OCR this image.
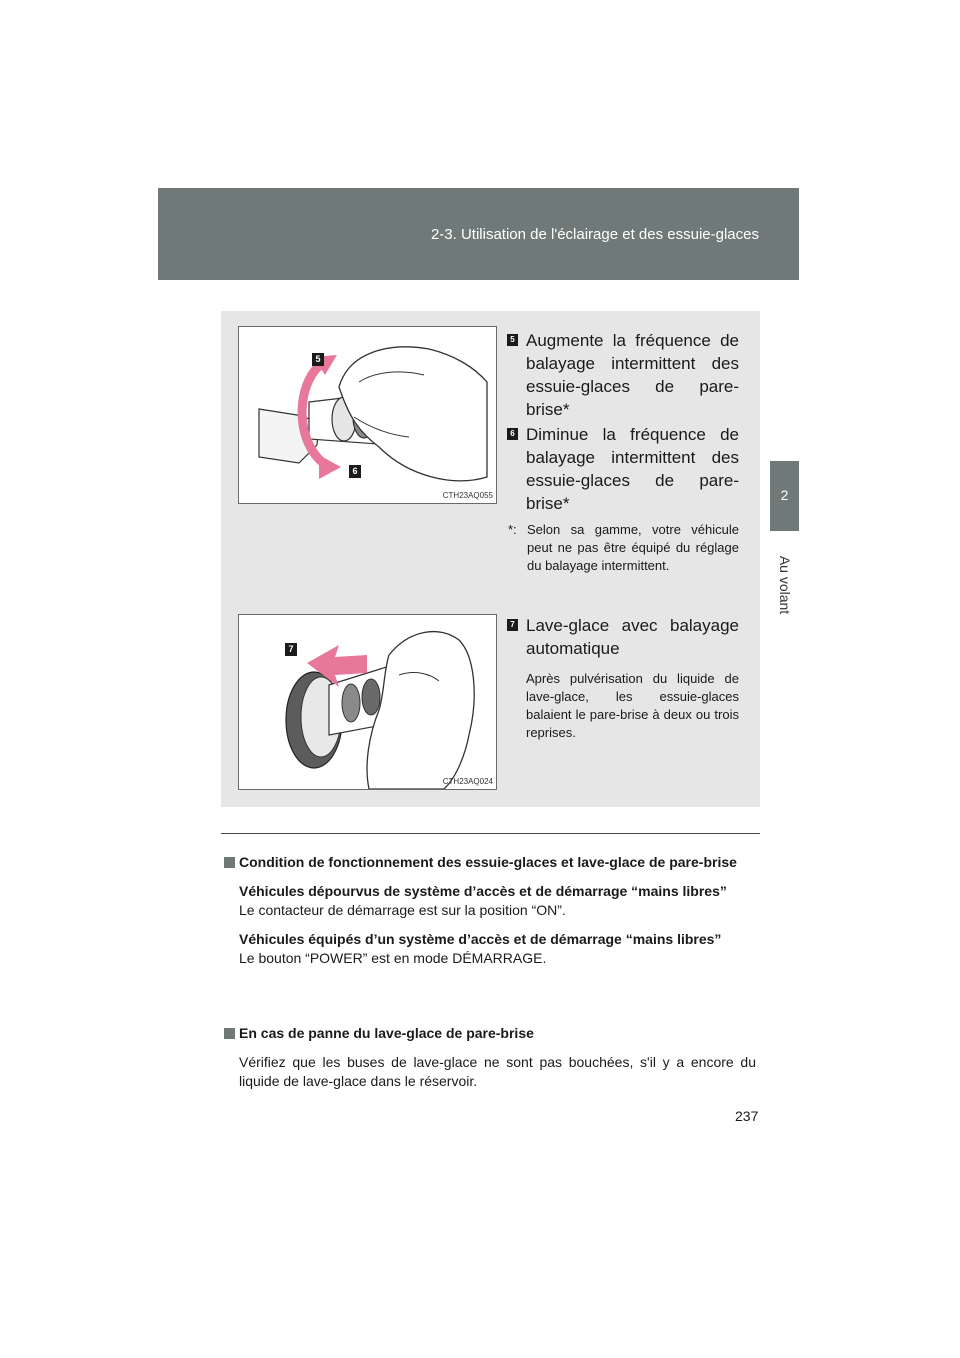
2-3. Utilisation de l'éclairage et des essuie-glaces
2
Au volant
5
6
CTH23AQ055
7
CTH23AQ024
5 Augmente la fréquence de balayage intermittent des essuie-glaces de pare-brise*
6 Diminue la fréquence de balayage intermittent des essuie-glaces de pare-brise*
*: Selon sa gamme, votre véhicule peut ne pas être équipé du réglage du balayage intermittent.
7 Lave-glace avec balayage automatique
Après pulvérisation du liquide de lave-glace, les essuie-glaces balaient le pare-brise à deux ou trois reprises.
Condition de fonctionnement des essuie-glaces et lave-glace de pare-brise
Véhicules dépourvus de système d’accès et de démarrage “mains libres”
Le contacteur de démarrage est sur la position “ON”.
Véhicules équipés d’un système d’accès et de démarrage “mains libres”
Le bouton “POWER” est en mode DÉMARRAGE.
En cas de panne du lave-glace de pare-brise
Vérifiez que les buses de lave-glace ne sont pas bouchées, s'il y a encore du liquide de lave-glace dans le réservoir.
237
